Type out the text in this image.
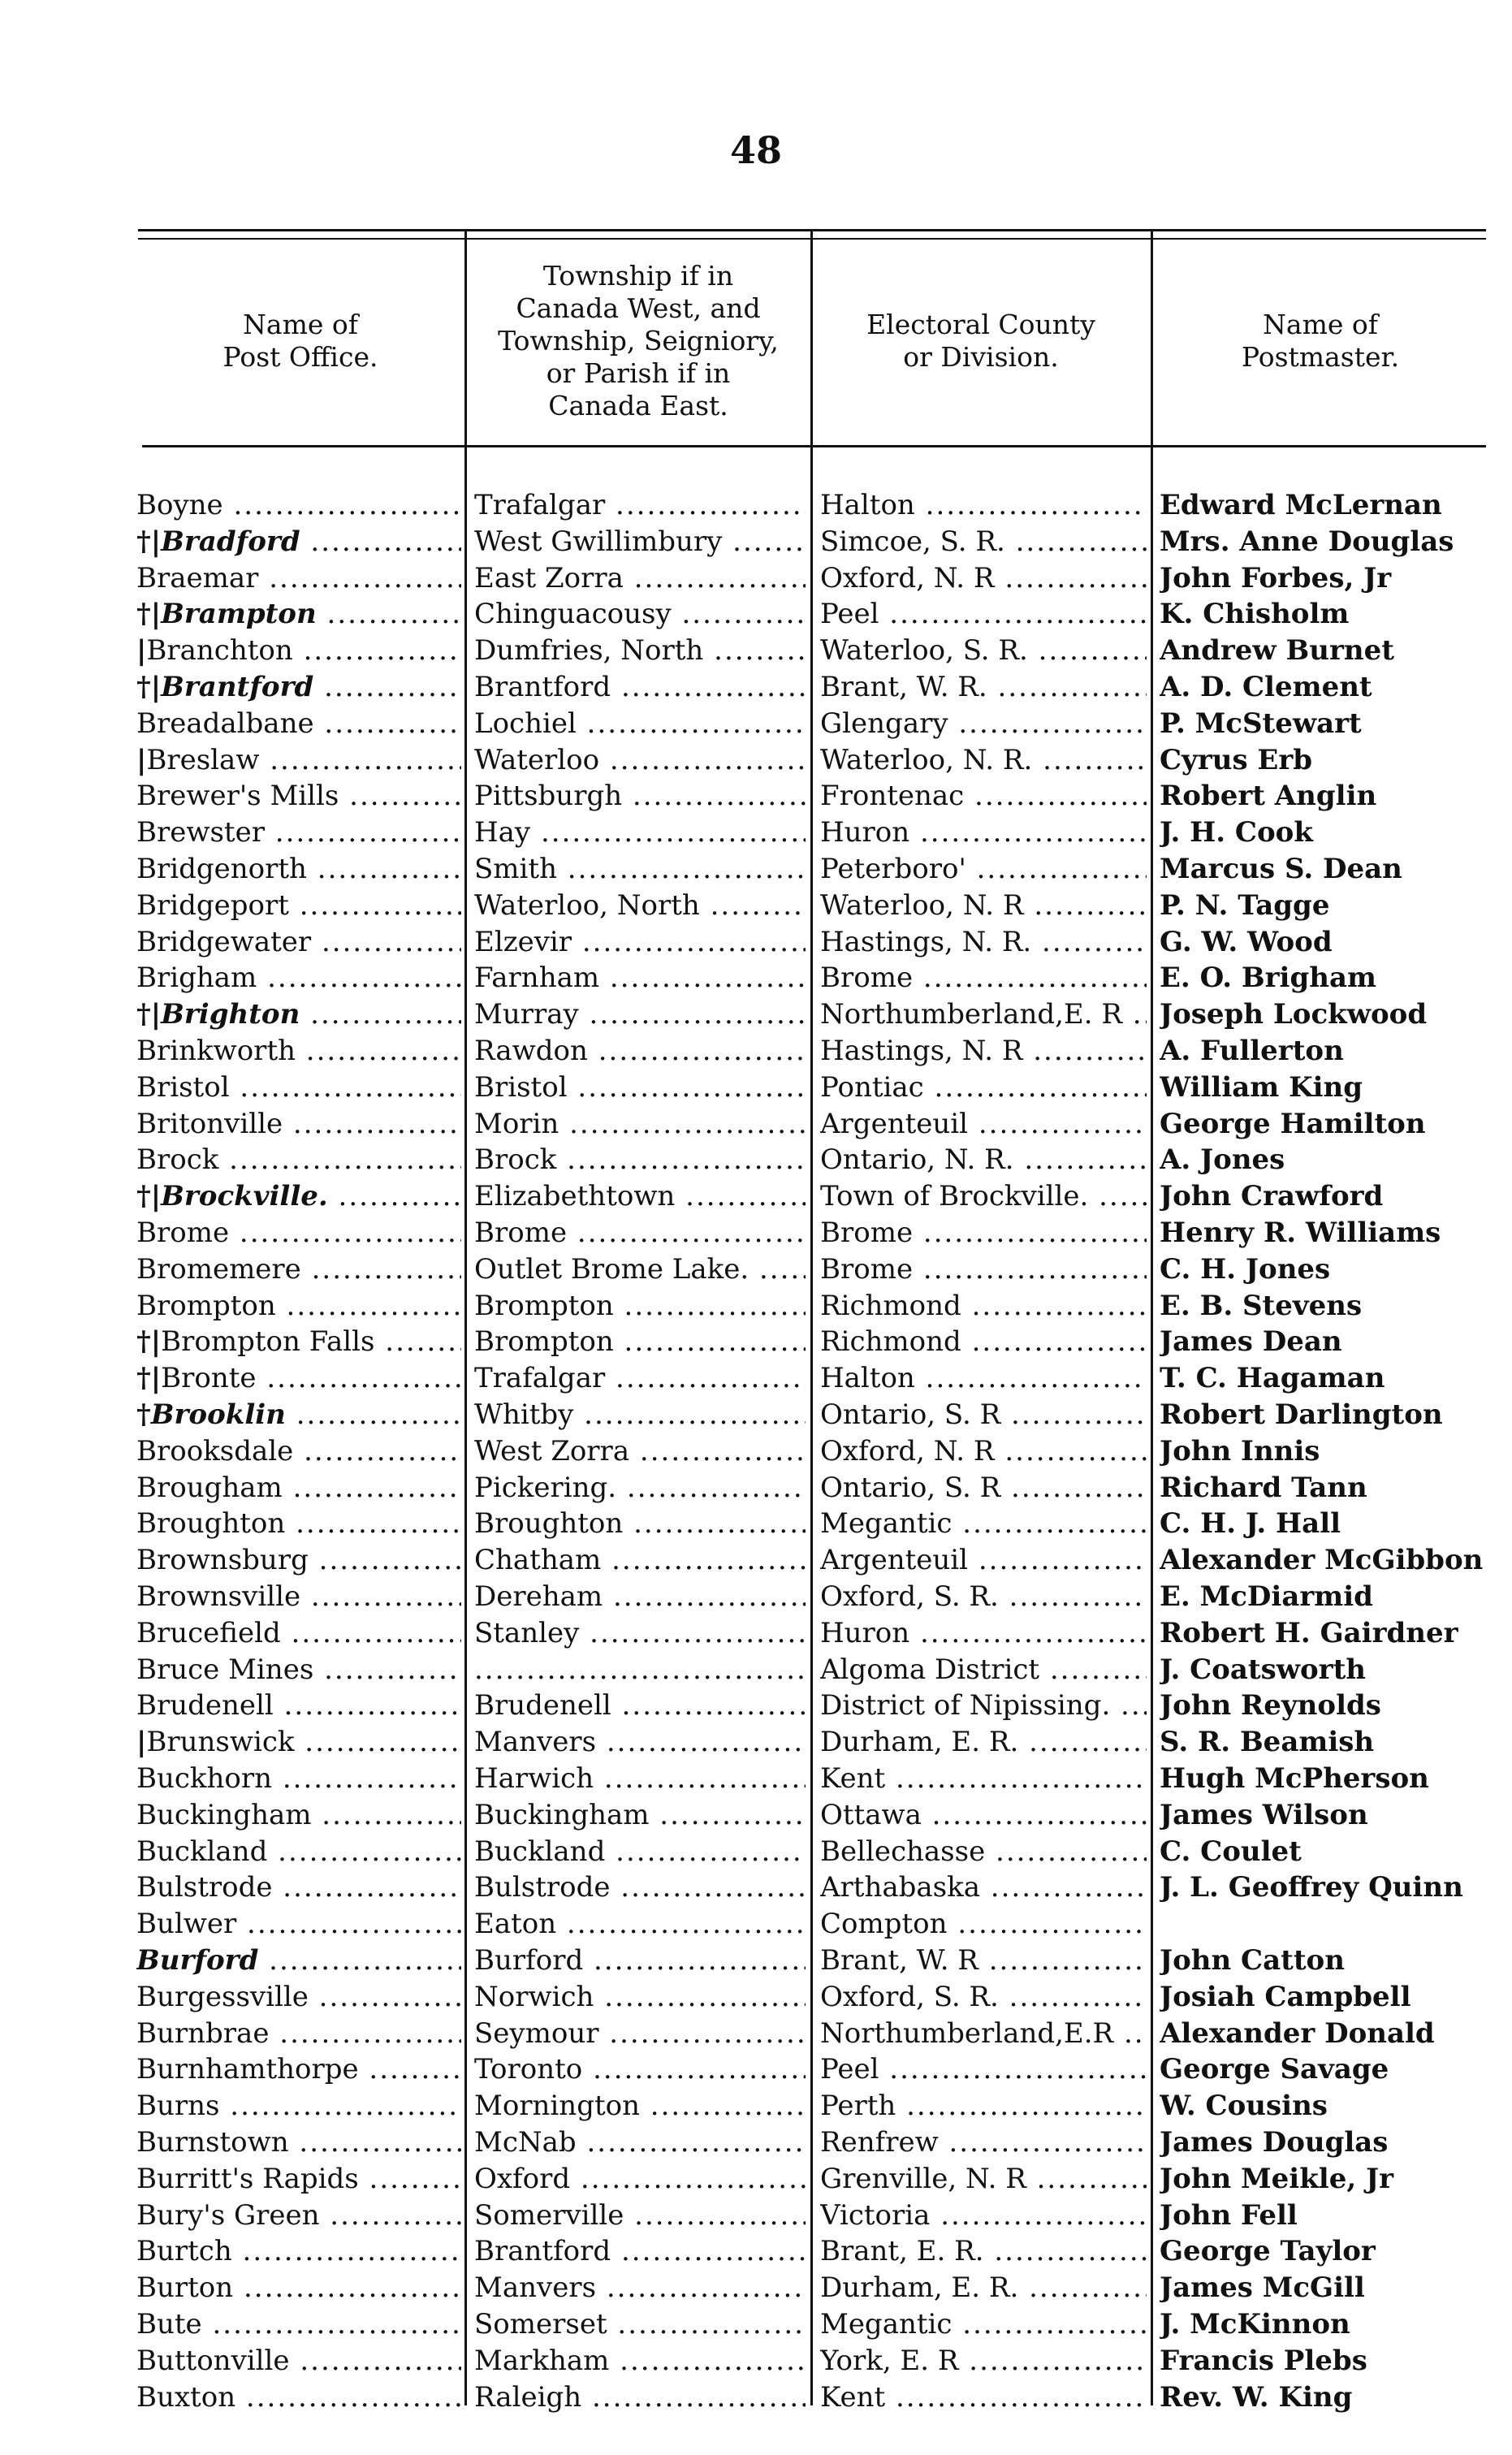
48
Name of
Post Office.
Township if in
Canada West, and
Township, Seigniory,
or Parish if in
Canada East.
Electoral County
or Division.
Name of
Postmaster.
Boyne .....	Trafalgar .....	Halton .....	Edward McLernan
†|Bradford .....	West Gwillimbury .....	Simcoe, S. R. .....	Mrs. Anne Douglas
Braemar .....	East Zorra .....	Oxford, N. R .....	John Forbes, Jr
†|Brampton .....	Chinguacousy .....	Peel .....	K. Chisholm
|Branchton .....	Dumfries, North .....	Waterloo, S. R. .....	Andrew Burnet
†|Brantford .....	Brantford .....	Brant, W. R. .....	A. D. Clement
Breadalbane .....	Lochiel .....	Glengary .....	P. McStewart
|Breslaw .....	Waterloo .....	Waterloo, N. R. .....	Cyrus Erb
Brewer's Mills .....	Pittsburgh .....	Frontenac .....	Robert Anglin
Brewster .....	Hay .....	Huron .....	J. H. Cook
Bridgenorth .....	Smith .....	Peterboro' .....	Marcus S. Dean
Bridgeport .....	Waterloo, North .....	Waterloo, N. R .....	P. N. Tagge
Bridgewater .....	Elzevir .....	Hastings, N. R. .....	G. W. Wood
Brigham .....	Farnham .....	Brome .....	E. O. Brigham
†|Brighton .....	Murray .....	Northumberland,E. R .....	Joseph Lockwood
Brinkworth .....	Rawdon .....	Hastings, N. R .....	A. Fullerton
Bristol .....	Bristol .....	Pontiac .....	William King
Britonville .....	Morin .....	Argenteuil .....	George Hamilton
Brock .....	Brock .....	Ontario, N. R. .....	A. Jones
†|Brockville. .....	Elizabethtown .....	Town of Brockville. .....	John Crawford
Brome .....	Brome .....	Brome .....	Henry R. Williams
Bromemere .....	Outlet Brome Lake. .....	Brome .....	C. H. Jones
Brompton .....	Brompton .....	Richmond .....	E. B. Stevens
†|Brompton Falls .....	Brompton .....	Richmond .....	James Dean
†|Bronte .....	Trafalgar .....	Halton .....	T. C. Hagaman
†Brooklin .....	Whitby .....	Ontario, S. R .....	Robert Darlington
Brooksdale .....	West Zorra .....	Oxford, N. R .....	John Innis
Brougham .....	Pickering. .....	Ontario, S. R .....	Richard Tann
Broughton .....	Broughton .....	Megantic .....	C. H. J. Hall
Brownsburg .....	Chatham .....	Argenteuil .....	Alexander McGibbon
Brownsville .....	Dereham .....	Oxford, S. R. .....	E. McDiarmid
Brucefield .....	Stanley .....	Huron .....	Robert H. Gairdner
Bruce Mines .....
.....	Algoma District .....	J. Coatsworth
Brudenell .....	Brudenell .....	District of Nipissing. .....	John Reynolds
|Brunswick .....	Manvers .....	Durham, E. R. .....	S. R. Beamish
Buckhorn .....	Harwich .....	Kent .....	Hugh McPherson
Buckingham .....	Buckingham .....	Ottawa .....	James Wilson
Buckland .....	Buckland .....	Bellechasse .....	C. Coulet
Bulstrode .....	Bulstrode .....	Arthabaska .....	J. L. Geoffrey Quinn
Bulwer .....	Eaton .....	Compton .....
Burford .....	Burford .....	Brant, W. R .....	John Catton
Burgessville .....	Norwich .....	Oxford, S. R. .....	Josiah Campbell
Burnbrae .....	Seymour .....	Northumberland,E.R .....	Alexander Donald
Burnhamthorpe .....	Toronto .....	Peel .....	George Savage
Burns .....	Mornington .....	Perth .....	W. Cousins
Burnstown .....	McNab .....	Renfrew .....	James Douglas
Burritt's Rapids .....	Oxford .....	Grenville, N. R .....	John Meikle, Jr
Bury's Green .....	Somerville .....	Victoria .....	John Fell
Burtch .....	Brantford .....	Brant, E. R. .....	George Taylor
Burton .....	Manvers .....	Durham, E. R. .....	James McGill
Bute .....	Somerset .....	Megantic .....	J. McKinnon
Buttonville .....	Markham .....	York, E. R .....	Francis Plebs
Buxton .....	Raleigh .....	Kent .....	Rev. W. King
